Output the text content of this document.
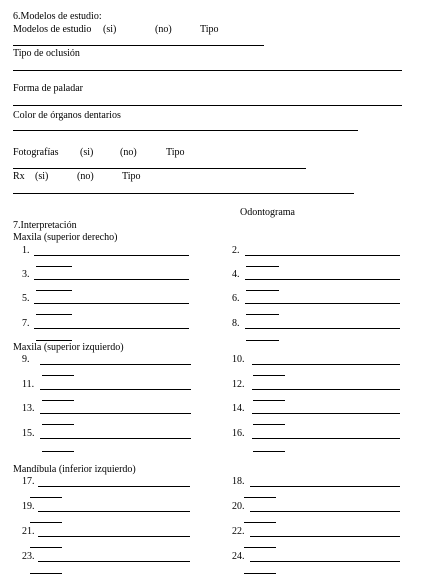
6.Modelos de estudio:
Modelos de estudio (si)	(no)	Tipo
Tipo de oclusión
Forma de paladar
Color de órganos dentarios
Fotografías (si)	(no)	Tipo
Rx (si)	(no)	Tipo
Odontograma
7.Interpretación
Maxila (superior derecho)
1.	2.
3.	4.
5.	6.
7.	8.
Maxila (superior izquierdo)
9.	10.
11.	12.
13.	14.
15.	16.
Mandíbula (inferior izquierdo)
17.	18.
19.	20.
21.	22.
23.	24.
